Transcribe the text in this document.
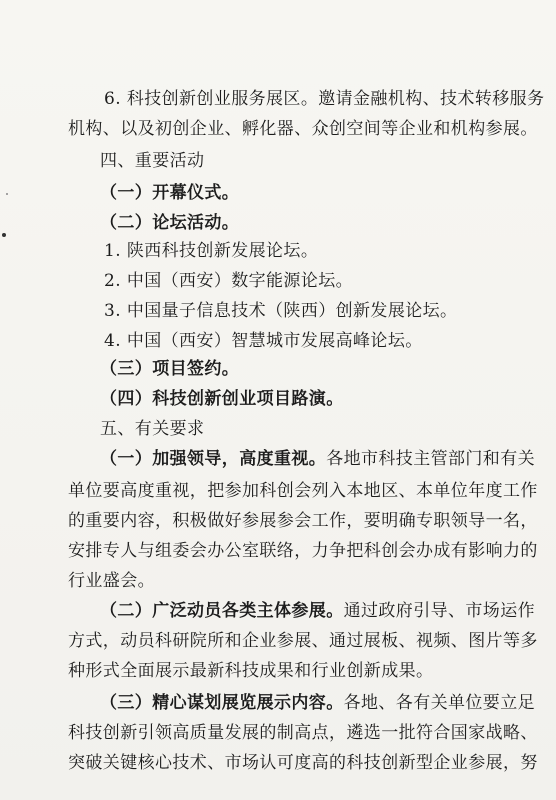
6. 科技创新创业服务展区。邀请金融机构、技术转移服务
机构、以及初创企业、孵化器、众创空间等企业和机构参展。
四、重要活动
（一）开幕仪式。
（二）论坛活动。
1. 陕西科技创新发展论坛。
2. 中国（西安）数字能源论坛。
3. 中国量子信息技术（陕西）创新发展论坛。
4. 中国（西安）智慧城市发展高峰论坛。
（三）项目签约。
（四）科技创新创业项目路演。
五、有关要求
（一）加强领导，高度重视。各地市科技主管部门和有关
单位要高度重视，把参加科创会列入本地区、本单位年度工作
的重要内容，积极做好参展参会工作，要明确专职领导一名，
安排专人与组委会办公室联络，力争把科创会办成有影响力的
行业盛会。
（二）广泛动员各类主体参展。通过政府引导、市场运作
方式，动员科研院所和企业参展、通过展板、视频、图片等多
种形式全面展示最新科技成果和行业创新成果。
（三）精心谋划展览展示内容。各地、各有关单位要立足
科技创新引领高质量发展的制高点，遴选一批符合国家战略、
突破关键核心技术、市场认可度高的科技创新型企业参展，努
